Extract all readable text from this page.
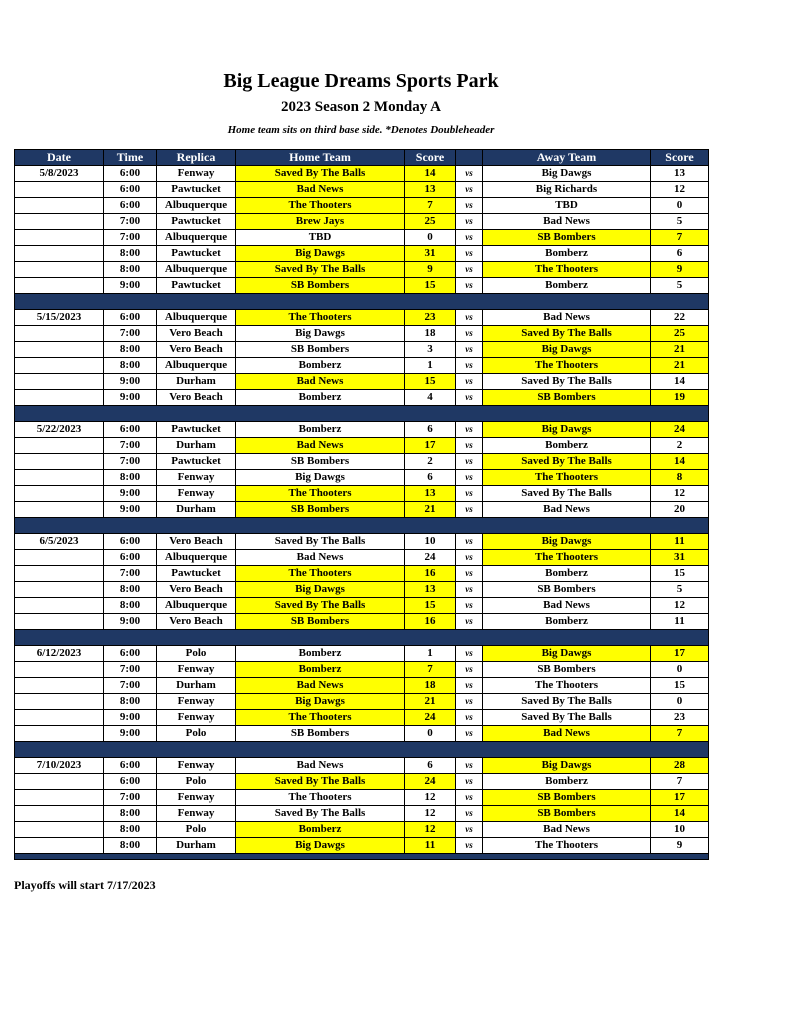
Big League Dreams Sports Park
2023 Season 2 Monday A
Home team sits on third base side. *Denotes Doubleheader
Date	Time	Replica	Home Team	Score		Away Team	Score
5/8/2023	6:00	Fenway	Saved By The Balls	14	vs	Big Dawgs	13
	6:00	Pawtucket	Bad News	13	vs	Big Richards	12
	6:00	Albuquerque	The Thooters	7	vs	TBD	0
	7:00	Pawtucket	Brew Jays	25	vs	Bad News	5
	7:00	Albuquerque	TBD	0	vs	SB Bombers	7
	8:00	Pawtucket	Big Dawgs	31	vs	Bomberz	6
	8:00	Albuquerque	Saved By The Balls	9	vs	The Thooters	9
	9:00	Pawtucket	SB Bombers	15	vs	Bomberz	5

5/15/2023	6:00	Albuquerque	The Thooters	23	vs	Bad News	22
	7:00	Vero Beach	Big Dawgs	18	vs	Saved By The Balls	25
	8:00	Vero Beach	SB Bombers	3	vs	Big Dawgs	21
	8:00	Albuquerque	Bomberz	1	vs	The Thooters	21
	9:00	Durham	Bad News	15	vs	Saved By The Balls	14
	9:00	Vero Beach	Bomberz	4	vs	SB Bombers	19

5/22/2023	6:00	Pawtucket	Bomberz	6	vs	Big Dawgs	24
	7:00	Durham	Bad News	17	vs	Bomberz	2
	7:00	Pawtucket	SB Bombers	2	vs	Saved By The Balls	14
	8:00	Fenway	Big Dawgs	6	vs	The Thooters	8
	9:00	Fenway	The Thooters	13	vs	Saved By The Balls	12
	9:00	Durham	SB Bombers	21	vs	Bad News	20

6/5/2023	6:00	Vero Beach	Saved By The Balls	10	vs	Big Dawgs	11
	6:00	Albuquerque	Bad News	24	vs	The Thooters	31
	7:00	Pawtucket	The Thooters	16	vs	Bomberz	15
	8:00	Vero Beach	Big Dawgs	13	vs	SB Bombers	5
	8:00	Albuquerque	Saved By The Balls	15	vs	Bad News	12
	9:00	Vero Beach	SB Bombers	16	vs	Bomberz	11

6/12/2023	6:00	Polo	Bomberz	1	vs	Big Dawgs	17
	7:00	Fenway	Bomberz	7	vs	SB Bombers	0
	7:00	Durham	Bad News	18	vs	The Thooters	15
	8:00	Fenway	Big Dawgs	21	vs	Saved By The Balls	0
	9:00	Fenway	The Thooters	24	vs	Saved By The Balls	23
	9:00	Polo	SB Bombers	0	vs	Bad News	7

7/10/2023	6:00	Fenway	Bad News	6	vs	Big Dawgs	28
	6:00	Polo	Saved By The Balls	24	vs	Bomberz	7
	7:00	Fenway	The Thooters	12	vs	SB Bombers	17
	8:00	Fenway	Saved By The Balls	12	vs	SB Bombers	14
	8:00	Polo	Bomberz	12	vs	Bad News	10
	8:00	Durham	Big Dawgs	11	vs	The Thooters	9

Playoffs will start 7/17/2023
